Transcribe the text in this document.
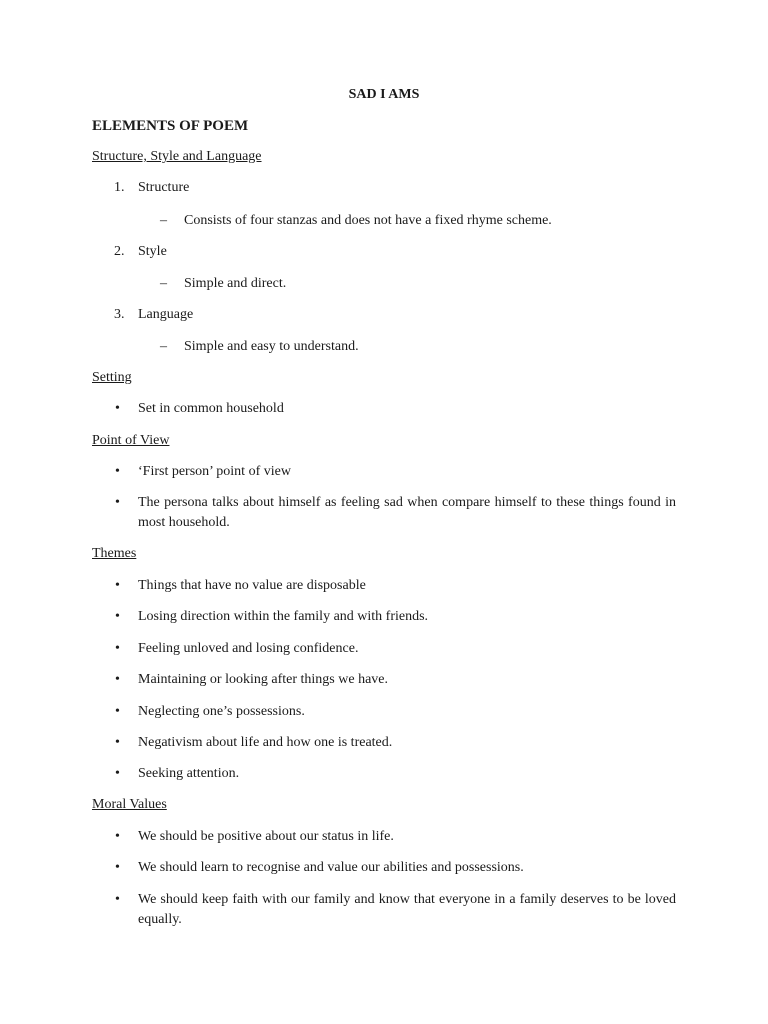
SAD I AMS
ELEMENTS OF POEM
Structure, Style and Language
1. Structure
– Consists of four stanzas and does not have a fixed rhyme scheme.
2. Style
– Simple and direct.
3. Language
– Simple and easy to understand.
Setting
• Set in common household
Point of View
• ‘First person’ point of view
• The persona talks about himself as feeling sad when compare himself to these things found in most household.
Themes
• Things that have no value are disposable
• Losing direction within the family and with friends.
• Feeling unloved and losing confidence.
• Maintaining or looking after things we have.
• Neglecting one’s possessions.
• Negativism about life and how one is treated.
• Seeking attention.
Moral Values
• We should be positive about our status in life.
• We should learn to recognise and value our abilities and possessions.
• We should keep faith with our family and know that everyone in a family deserves to be loved equally.
